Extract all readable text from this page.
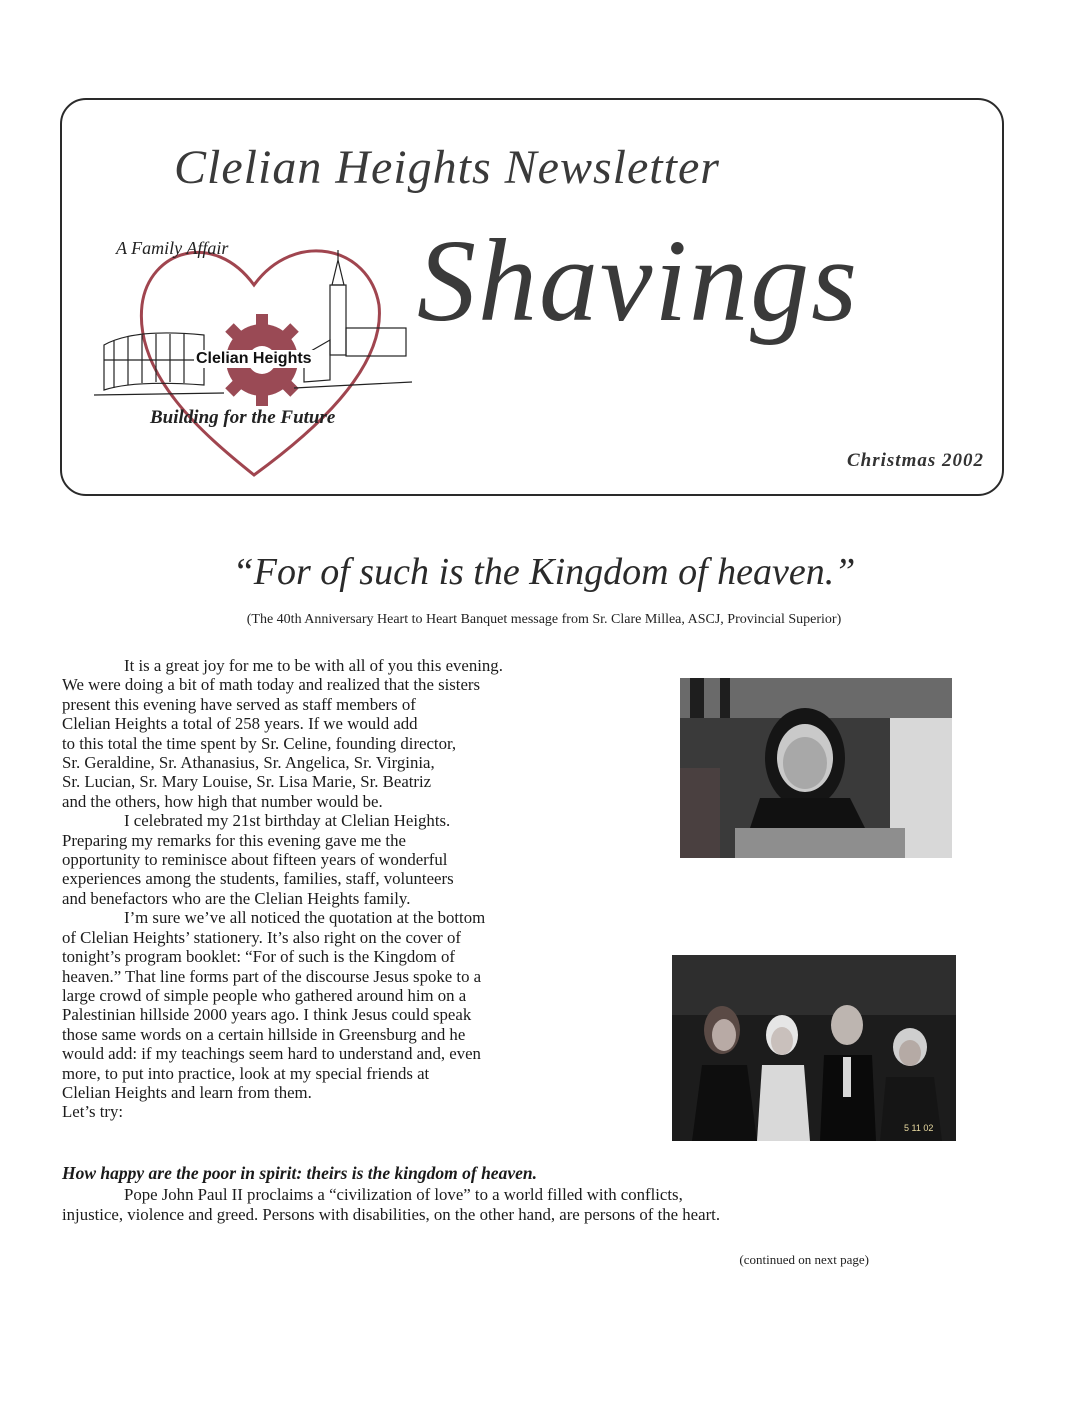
Clelian Heights Newsletter
Shavings
A Family Affair
Clelian Heights
Building for the Future
Christmas 2002
“For of such is the Kingdom of heaven.”
(The 40th Anniversary Heart to Heart Banquet message from Sr. Clare Millea, ASCJ, Provincial Superior)

It is a great joy for me to be with all of you this evening.

We were doing a bit of math today and realized that the sisters

present this evening have served as staff members of

Clelian Heights a total of 258 years. If we would add

to this total the time spent by Sr. Celine, founding director,

Sr. Geraldine, Sr. Athanasius, Sr. Angelica, Sr. Virginia,

Sr. Lucian, Sr. Mary Louise, Sr. Lisa Marie, Sr. Beatriz

and the others, how high that number would be.

I celebrated my 21st birthday at Clelian Heights.

Preparing my remarks for this evening gave me the

opportunity to reminisce about fifteen years of wonderful

experiences among the students, families, staff, volunteers

and benefactors who are the Clelian Heights family.

I’m sure we’ve all noticed the quotation at the bottom

of Clelian Heights’ stationery. It’s also right on the cover of

tonight’s program booklet: “For of such is the Kingdom of

heaven.” That line forms part of the discourse Jesus spoke to a

large crowd of simple people who gathered around him on a

Palestinian hillside 2000 years ago. I think Jesus could speak

those same words on a certain hillside in Greensburg and he

would add: if my teachings seem hard to understand and, even

more, to put into practice, look at my special friends at

Clelian Heights and learn from them.

Let’s try:

5 11 02
How happy are the poor in spirit: theirs is the kingdom of heaven.

Pope John Paul II proclaims a “civilization of love” to a world filled with conflicts,
injustice, violence and greed. Persons with disabilities, on the other hand, are persons of the heart.

(continued on next page)
